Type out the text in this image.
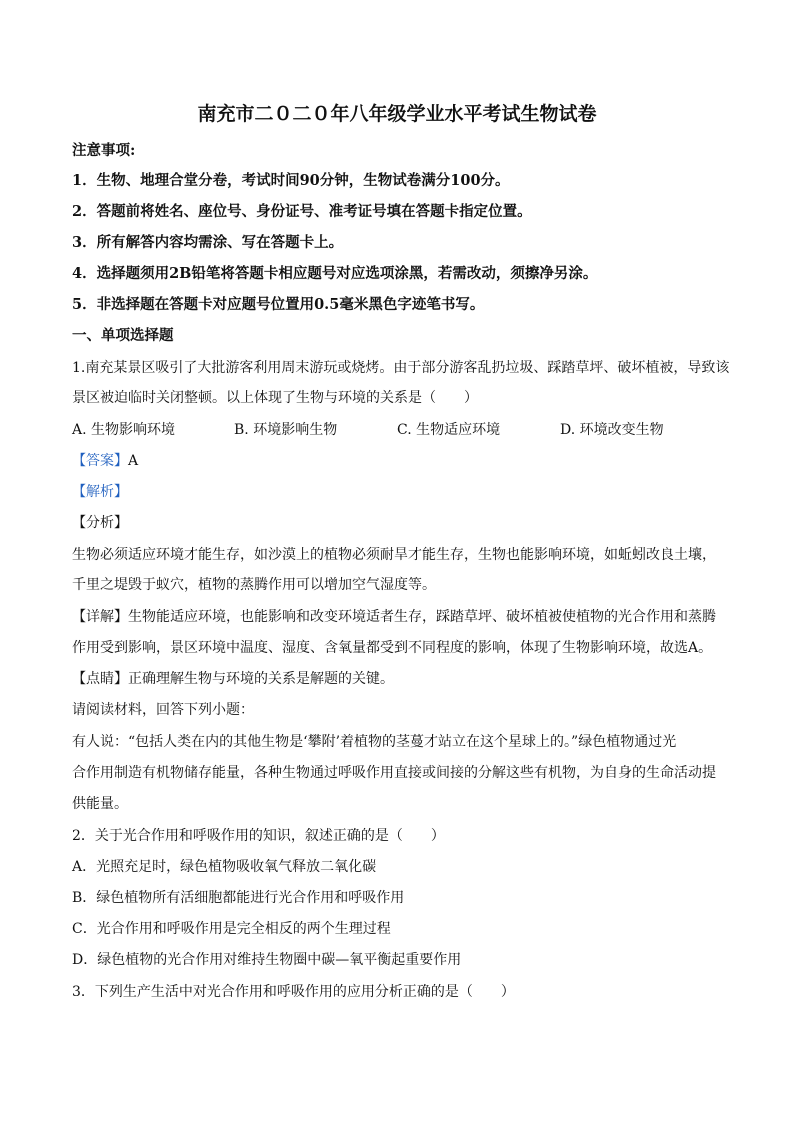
南充市二０二０年八年级学业水平考试生物试卷
注意事项:
1．生物、地理合堂分卷，考试时间90分钟，生物试卷满分100分。
2．答题前将姓名、座位号、身份证号、准考证号填在答题卡指定位置。
3．所有解答内容均需涂、写在答题卡上。
4．选择题须用2B铅笔将答题卡相应题号对应选项涂黑，若需改动，须擦净另涂。
5．非选择题在答题卡对应题号位置用0.5毫米黑色字迹笔书写。
一、单项选择题
1.南充某景区吸引了大批游客利用周末游玩或烧烤。由于部分游客乱扔垃圾、踩踏草坪、破坏植被，导致该
景区被迫临时关闭整顿。以上体现了生物与环境的关系是（　　）
A. 生物影响环境	B. 环境影响生物	C. 生物适应环境	D. 环境改变生物
【答案】A
【解析】
【分析】
生物必须适应环境才能生存，如沙漠上的植物必须耐旱才能生存，生物也能影响环境，如蚯蚓改良土壤，
千里之堤毁于蚁穴，植物的蒸腾作用可以增加空气湿度等。
【详解】生物能适应环境，也能影响和改变环境适者生存，踩踏草坪、破坏植被使植物的光合作用和蒸腾
作用受到影响，景区环境中温度、湿度、含氧量都受到不同程度的影响，体现了生物影响环境，故选A。
【点睛】正确理解生物与环境的关系是解题的关键。
请阅读材料，回答下列小题：
有人说：“包括人类在内的其他生物是‘攀附’着植物的茎蔓才站立在这个星球上的。”绿色植物通过光
合作用制造有机物储存能量，各种生物通过呼吸作用直接或间接的分解这些有机物，为自身的生命活动提
供能量。
2．关于光合作用和呼吸作用的知识，叙述正确的是（　　）
A．光照充足时，绿色植物吸收氧气释放二氧化碳
B．绿色植物所有活细胞都能进行光合作用和呼吸作用
C．光合作用和呼吸作用是完全相反的两个生理过程
D．绿色植物的光合作用对维持生物圈中碳—氧平衡起重要作用
3．下列生产生活中对光合作用和呼吸作用的应用分析正确的是（　　）
